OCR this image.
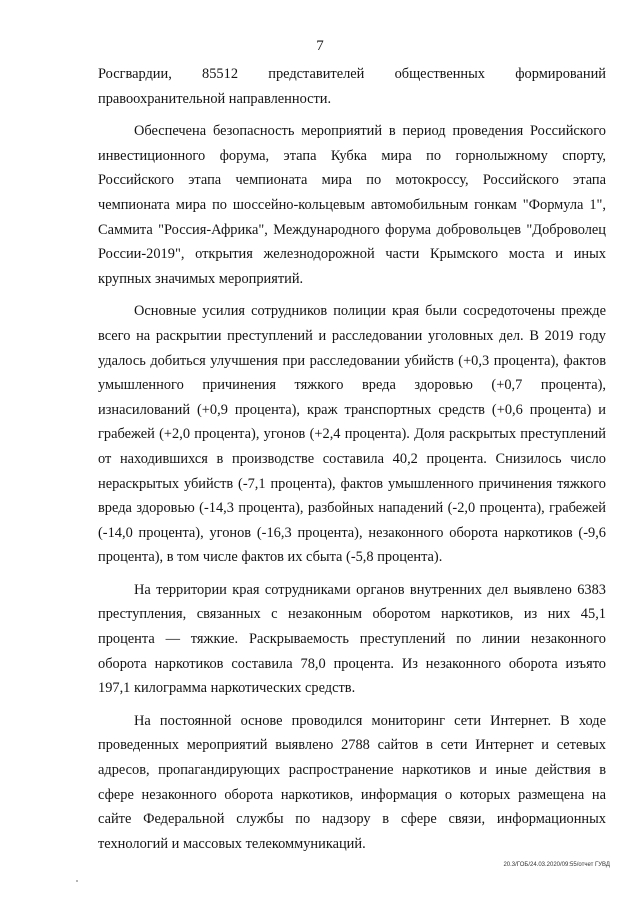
7

Росгвардии, 85512 представителей общественных формирований правоохранительной направленности.

Обеспечена безопасность мероприятий в период проведения Российского инвестиционного форума, этапа Кубка мира по горнолыжному спорту, Российского этапа чемпионата мира по мотокроссу, Российского этапа чемпионата мира по шоссейно-кольцевым автомобильным гонкам "Формула 1", Саммита "Россия-Африка", Международного форума добровольцев "Доброволец России-2019", открытия железнодорожной части Крымского моста и иных крупных значимых мероприятий.

Основные усилия сотрудников полиции края были сосредоточены прежде всего на раскрытии преступлений и расследовании уголовных дел. В 2019 году удалось добиться улучшения при расследовании убийств (+0,3 процента), фактов умышленного причинения тяжкого вреда здоровью (+0,7 процента), изнасилований (+0,9 процента), краж транспортных средств (+0,6 процента) и грабежей (+2,0 процента), угонов (+2,4 процента). Доля раскрытых преступлений от находившихся в производстве составила 40,2 процента. Снизилось число нераскрытых убийств (-7,1 процента), фактов умышленного причинения тяжкого вреда здоровью (-14,3 процента), разбойных нападений (-2,0 процента), грабежей (-14,0 процента), угонов (-16,3 процента), незаконного оборота наркотиков (-9,6 процента), в том числе фактов их сбыта (-5,8 процента).

На территории края сотрудниками органов внутренних дел выявлено 6383 преступления, связанных с незаконным оборотом наркотиков, из них 45,1 процента — тяжкие. Раскрываемость преступлений по линии незаконного оборота наркотиков составила 78,0 процента. Из незаконного оборота изъято 197,1 килограмма наркотических средств.

На постоянной основе проводился мониторинг сети Интернет. В ходе проведенных мероприятий выявлено 2788 сайтов в сети Интернет и сетевых адресов, пропагандирующих распространение наркотиков и иные действия в сфере незаконного оборота наркотиков, информация о которых размещена на сайте Федеральной службы по надзору в сфере связи, информационных технологий и массовых телекоммуникаций.

20.3/ГОБ/24.03.2020/09:55/отчет ГУВД
